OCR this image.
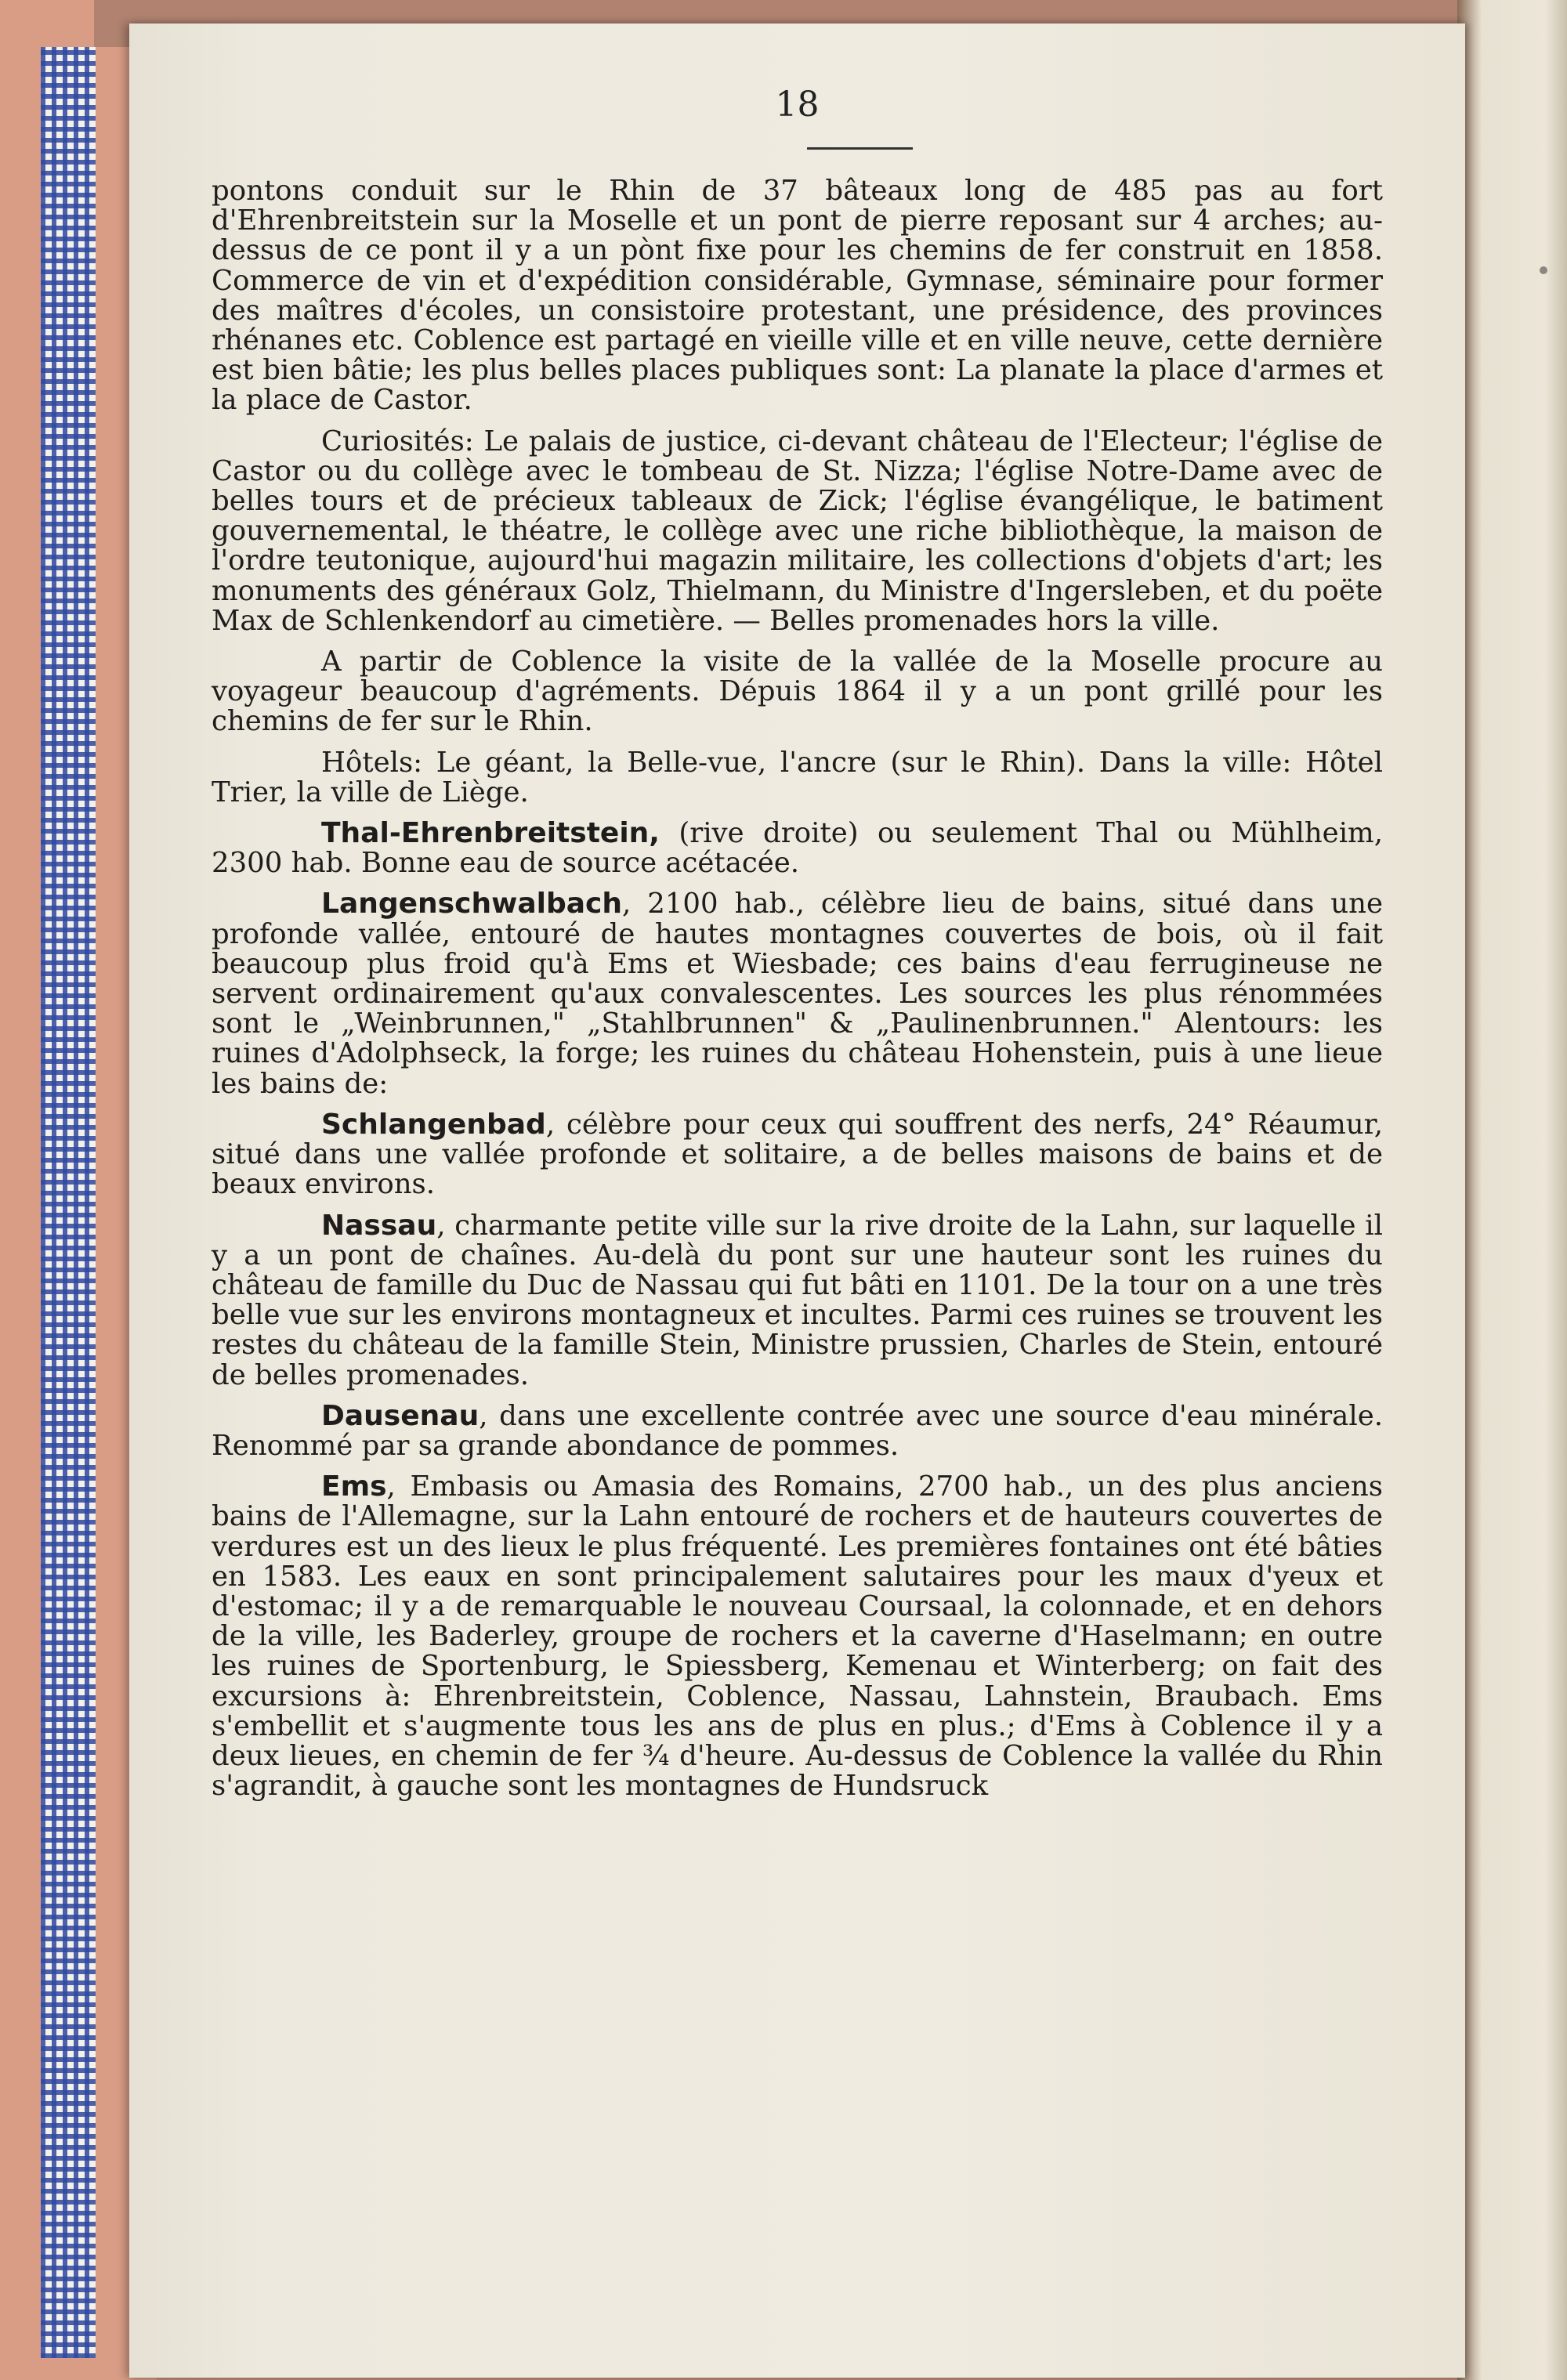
18

pontons conduit sur le Rhin de 37 bâteaux long de 485 pas au fort d'Ehrenbreitstein sur la Moselle et un pont de pierre reposant sur 4 arches; au-dessus de ce pont il y a un pònt fixe pour les chemins de fer construit en 1858. Commerce de vin et d'expédition considérable, Gymnase, séminaire pour former des maîtres d'écoles, un consistoire protestant, une présidence, des provinces rhénanes etc. Coblence est partagé en vieille ville et en ville neuve, cette dernière est bien bâtie; les plus belles places publiques sont: La planate la place d'armes et la place de Castor.

Curiosités: Le palais de justice, ci-devant château de l'Electeur; l'église de Castor ou du collège avec le tombeau de St. Nizza; l'église Notre-Dame avec de belles tours et de précieux tableaux de Zick; l'église évangélique, le batiment gouvernemental, le théatre, le collège avec une riche bibliothèque, la maison de l'ordre teutonique, aujourd'hui magazin militaire, les collections d'objets d'art; les monuments des généraux Golz, Thielmann, du Ministre d'Ingersleben, et du poëte Max de Schlenkendorf au cimetière. — Belles promenades hors la ville.

A partir de Coblence la visite de la vallée de la Moselle procure au voyageur beaucoup d'agréments. Dépuis 1864 il y a un pont grillé pour les chemins de fer sur le Rhin.

Hôtels: Le géant, la Belle-vue, l'ancre (sur le Rhin). Dans la ville: Hôtel Trier, la ville de Liège.

Thal-Ehrenbreitstein, (rive droite) ou seulement Thal ou Mühlheim, 2300 hab. Bonne eau de source acétacée.

Langenschwalbach, 2100 hab., célèbre lieu de bains, situé dans une profonde vallée, entouré de hautes montagnes couvertes de bois, où il fait beaucoup plus froid qu'à Ems et Wiesbade; ces bains d'eau ferrugineuse ne servent ordinairement qu'aux convalescentes. Les sources les plus rénommées sont le „Weinbrunnen," „Stahlbrunnen" & „Paulinenbrunnen." Alentours: les ruines d'Adolphseck, la forge; les ruines du château Hohenstein, puis à une lieue les bains de:

Schlangenbad, célèbre pour ceux qui souffrent des nerfs, 24° Réaumur, situé dans une vallée profonde et solitaire, a de belles maisons de bains et de beaux environs.

Nassau, charmante petite ville sur la rive droite de la Lahn, sur laquelle il y a un pont de chaînes. Au-delà du pont sur une hauteur sont les ruines du château de famille du Duc de Nassau qui fut bâti en 1101. De la tour on a une très belle vue sur les environs montagneux et incultes. Parmi ces ruines se trouvent les restes du château de la famille Stein, Ministre prussien, Charles de Stein, entouré de belles promenades.

Dausenau, dans une excellente contrée avec une source d'eau minérale. Renommé par sa grande abondance de pommes.

Ems, Embasis ou Amasia des Romains, 2700 hab., un des plus anciens bains de l'Allemagne, sur la Lahn entouré de rochers et de hauteurs couvertes de verdures est un des lieux le plus fréquenté. Les premières fontaines ont été bâties en 1583. Les eaux en sont principalement salutaires pour les maux d'yeux et d'estomac; il y a de remarquable le nouveau Coursaal, la colonnade, et en dehors de la ville, les Baderley, groupe de rochers et la caverne d'Haselmann; en outre les ruines de Sportenburg, le Spiessberg, Kemenau et Winterberg; on fait des excursions à: Ehrenbreitstein, Coblence, Nassau, Lahnstein, Braubach. Ems s'embellit et s'augmente tous les ans de plus en plus.; d'Ems à Coblence il y a deux lieues, en chemin de fer ¾ d'heure. Au-dessus de Coblence la vallée du Rhin s'agrandit, à gauche sont les montagnes de Hundsruck
